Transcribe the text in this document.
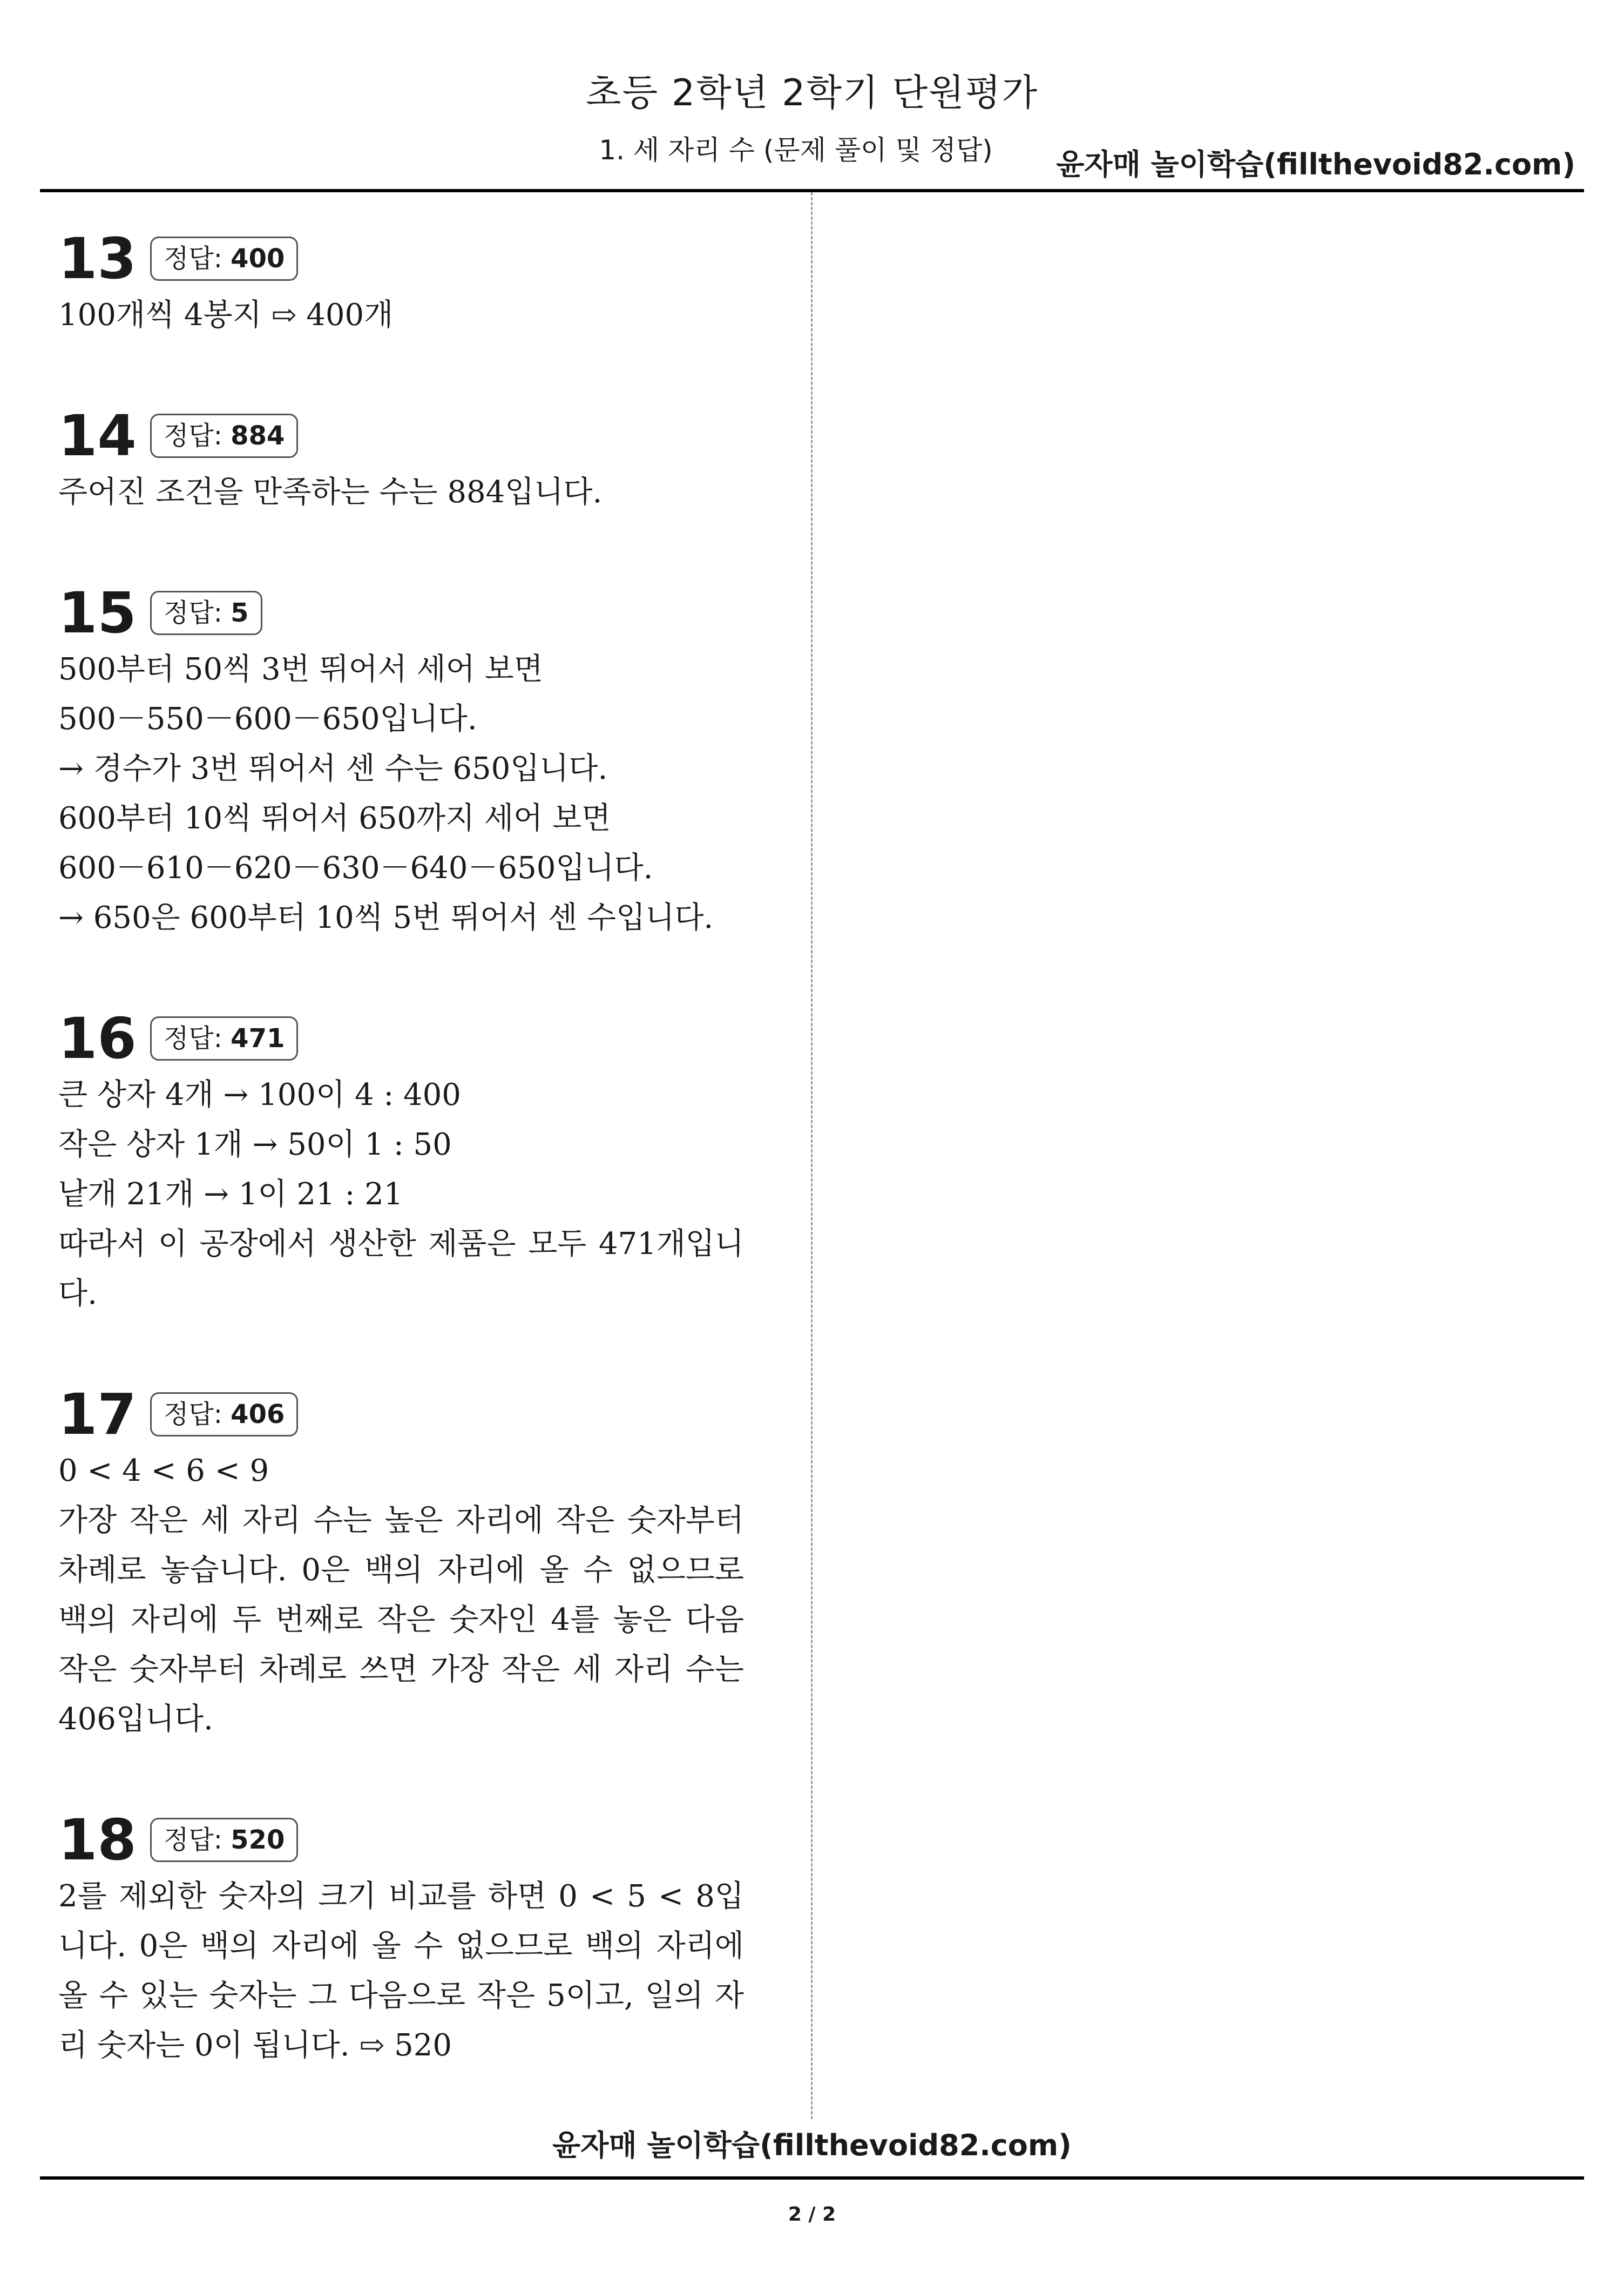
초등 2학년 2학기 단원평가
1. 세 자리 수 (문제 풀이 및 정답)	윤자매 놀이학습(fillthevoid82.com)
13	정답: 400
100개씩 4봉지 ⇨ 400개
14	정답: 884
주어진 조건을 만족하는 수는 884입니다.
15	정답: 5
500부터 50씩 3번 뛰어서 세어 보면
500－550－600－650입니다.
→ 경수가 3번 뛰어서 센 수는 650입니다.
600부터 10씩 뛰어서 650까지 세어 보면
600－610－620－630－640－650입니다.
→ 650은 600부터 10씩 5번 뛰어서 센 수입니다.
16	정답: 471
큰 상자 4개 → 100이 4 : 400
작은 상자 1개 → 50이 1 : 50
낱개 21개 → 1이 21 : 21
따라서 이 공장에서 생산한 제품은 모두 471개입니다.
17	정답: 406
0 < 4 < 6 < 9
가장 작은 세 자리 수는 높은 자리에 작은 숫자부터 차례로 놓습니다. 0은 백의 자리에 올 수 없으므로 백의 자리에 두 번째로 작은 숫자인 4를 놓은 다음 작은 숫자부터 차례로 쓰면 가장 작은 세 자리 수는 406입니다.
18	정답: 520
2를 제외한 숫자의 크기 비교를 하면 0 < 5 < 8입니다. 0은 백의 자리에 올 수 없으므로 백의 자리에 올 수 있는 숫자는 그 다음으로 작은 5이고, 일의 자리 숫자는 0이 됩니다. ⇨ 520
윤자매 놀이학습(fillthevoid82.com)
2 / 2
